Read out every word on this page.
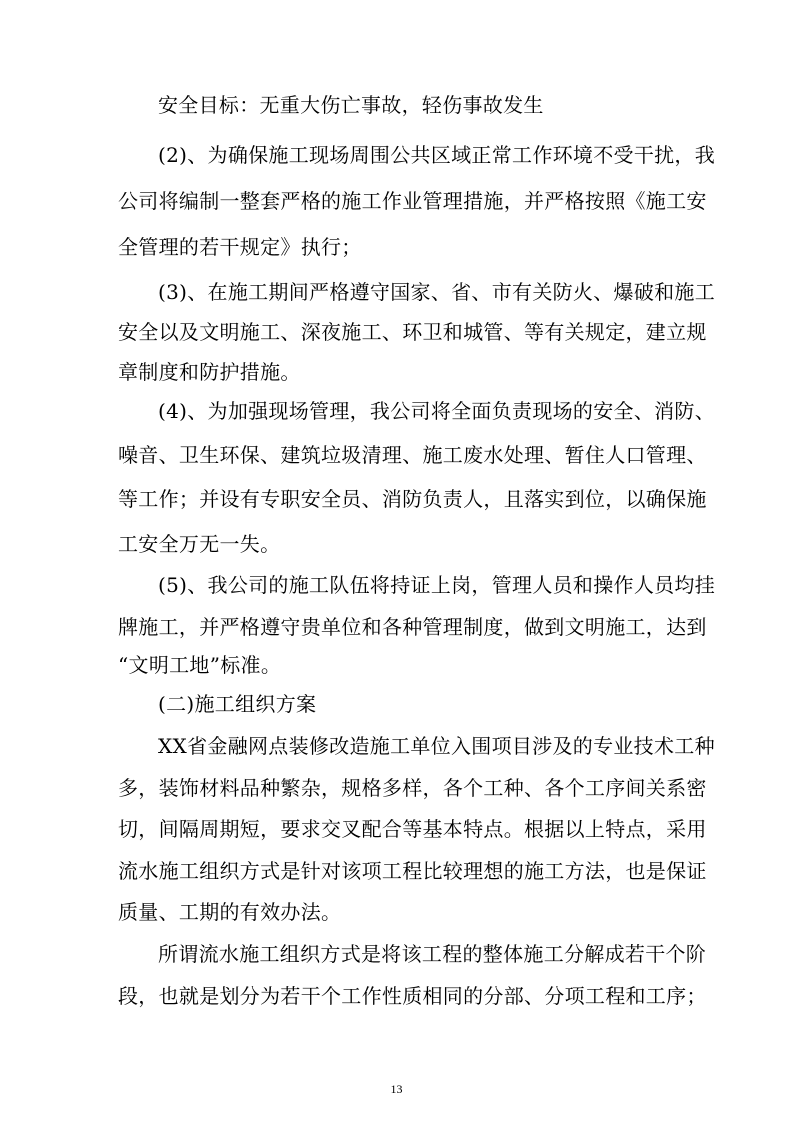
安全目标：无重大伤亡事故，轻伤事故发生
(2)、为确保施工现场周围公共区域正常工作环境不受干扰，我
公司将编制一整套严格的施工作业管理措施，并严格按照《施工安
全管理的若干规定》执行；
(3)、在施工期间严格遵守国家、省、市有关防火、爆破和施工
安全以及文明施工、深夜施工、环卫和城管、等有关规定，建立规
章制度和防护措施。
(4)、为加强现场管理，我公司将全面负责现场的安全、消防、
噪音、卫生环保、建筑垃圾清理、施工废水处理、暂住人口管理、
等工作；并设有专职安全员、消防负责人，且落实到位，以确保施
工安全万无一失。
(5)、我公司的施工队伍将持证上岗，管理人员和操作人员均挂
牌施工，并严格遵守贵单位和各种管理制度，做到文明施工，达到
“文明工地”标准。
(二)施工组织方案
XX省金融网点装修改造施工单位入围项目涉及的专业技术工种
多，装饰材料品种繁杂，规格多样，各个工种、各个工序间关系密
切，间隔周期短，要求交叉配合等基本特点。根据以上特点，采用
流水施工组织方式是针对该项工程比较理想的施工方法，也是保证
质量、工期的有效办法。
所谓流水施工组织方式是将该工程的整体施工分解成若干个阶
段，也就是划分为若干个工作性质相同的分部、分项工程和工序；
13
